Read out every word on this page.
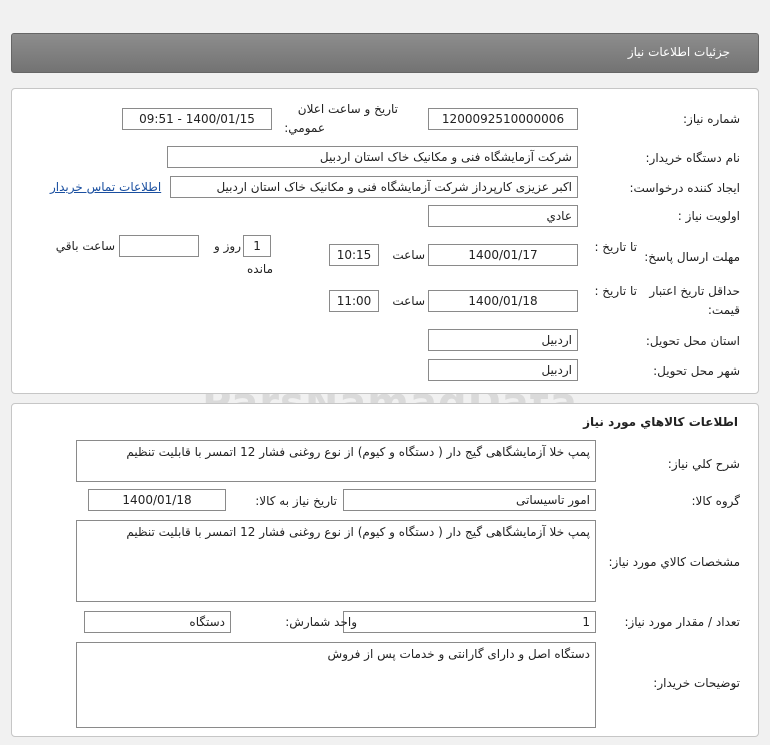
جزئيات اطلاعات نياز
شماره نياز:
1200092510000006
تاريخ و ساعت اعلان
عمومي:
1400/01/15 - 09:51
نام دستگاه خريدار:
شرکت آزمایشگاه فنی و مکانیک خاک استان اردبیل
ايجاد کننده درخواست:
اکبر عزیزی کارپرداز شرکت آزمایشگاه فنی و مکانیک خاک استان اردبیل
اطلاعات تماس خريدار
اولويت نياز :
عادي
مهلت ارسال پاسخ:
تا تاريخ :
1400/01/17
ساعت
10:15
1
روز و
ساعت باقي
مانده
حداقل تاريخ اعتبار
تا تاريخ :
قيمت:
1400/01/18
ساعت
11:00
استان محل تحويل:
اردبیل
شهر محل تحويل:
اردبیل
اطلاعات کالاهاي مورد نياز
شرح کلي نياز:
پمپ خلا آزمایشگاهی گیج دار ( دستگاه و کیوم) از نوع روغنی فشار 12 اتمسر با قابلیت تنظیم
گروه کالا:
امور تاسیساتی
تاريخ نياز به کالا:
1400/01/18
مشخصات کالاي مورد نياز:
پمپ خلا آزمایشگاهی گیج دار ( دستگاه و کیوم) از نوع روغنی فشار 12 اتمسر با قابلیت تنظیم
تعداد / مقدار مورد نياز:
1
واحد شمارش:
دستگاه
توضيحات خريدار:
دستگاه اصل و دارای گارانتی و خدمات پس از فروش
